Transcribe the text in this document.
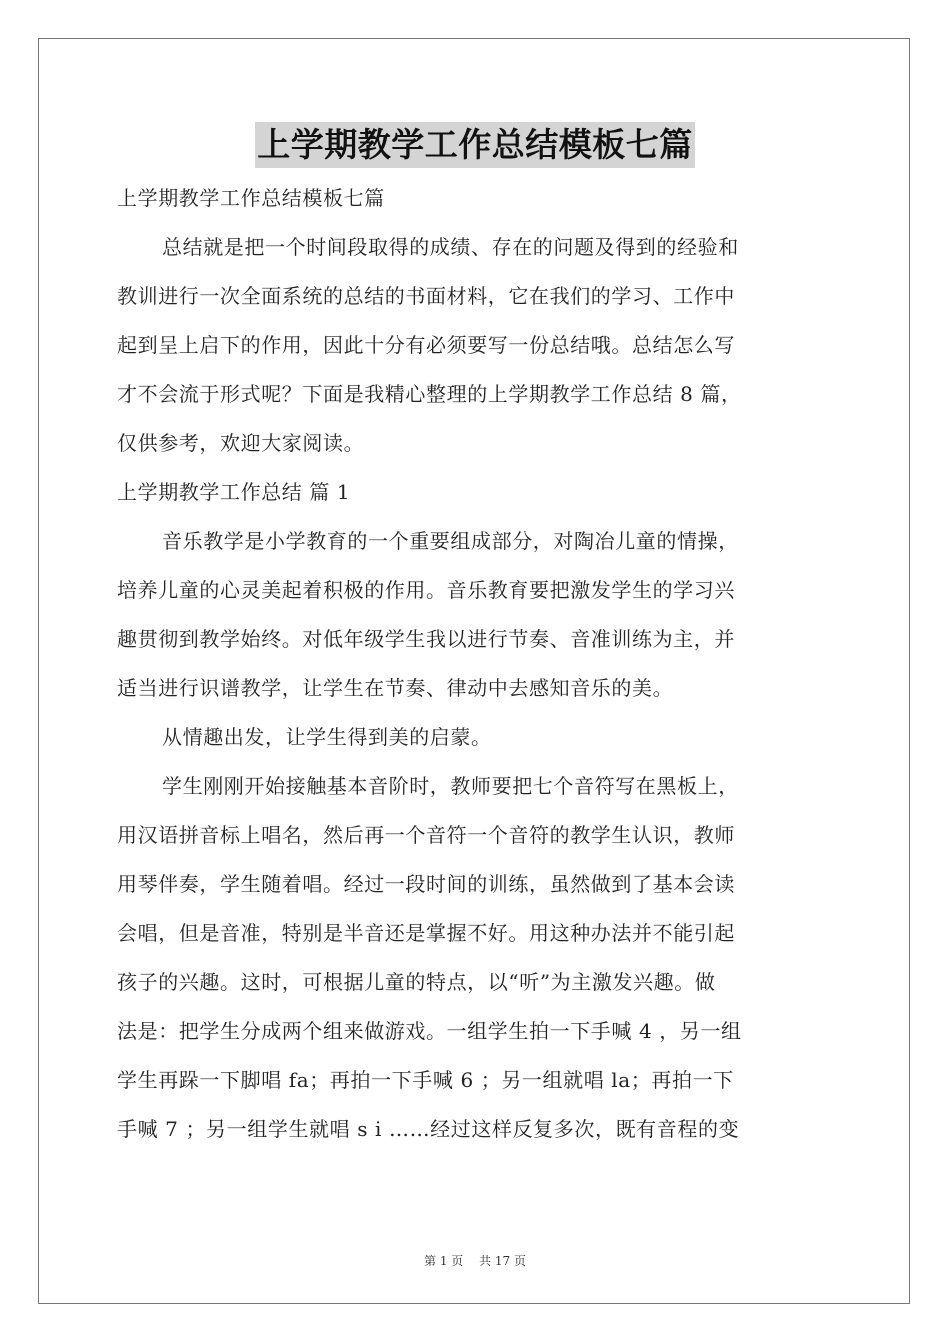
上学期教学工作总结模板七篇

上学期教学工作总结模板七篇

总结就是把一个时间段取得的成绩、存在的问题及得到的经验和

教训进行一次全面系统的总结的书面材料，它在我们的学习、工作中

起到呈上启下的作用，因此十分有必须要写一份总结哦。总结怎么写

才不会流于形式呢？下面是我精心整理的上学期教学工作总结 8 篇，

仅供参考，欢迎大家阅读。

上学期教学工作总结 篇 1

音乐教学是小学教育的一个重要组成部分，对陶冶儿童的情操，

培养儿童的心灵美起着积极的作用。音乐教育要把激发学生的学习兴

趣贯彻到教学始终。对低年级学生我以进行节奏、音准训练为主，并

适当进行识谱教学，让学生在节奏、律动中去感知音乐的美。

从情趣出发，让学生得到美的启蒙。

学生刚刚开始接触基本音阶时，教师要把七个音符写在黑板上，

用汉语拼音标上唱名，然后再一个音符一个音符的教学生认识，教师

用琴伴奏，学生随着唱。经过一段时间的训练，虽然做到了基本会读

会唱，但是音准，特别是半音还是掌握不好。用这种办法并不能引起

孩子的兴趣。这时，可根据儿童的特点，以“听”为主激发兴趣。做

法是：把学生分成两个组来做游戏。一组学生拍一下手喊 4 ，另一组

学生再跺一下脚唱 fa；再拍一下手喊 6 ；另一组就唱 la；再拍一下

手喊 7 ；另一组学生就唱 s i ……经过这样反复多次，既有音程的变

第 1 页 共 17 页
